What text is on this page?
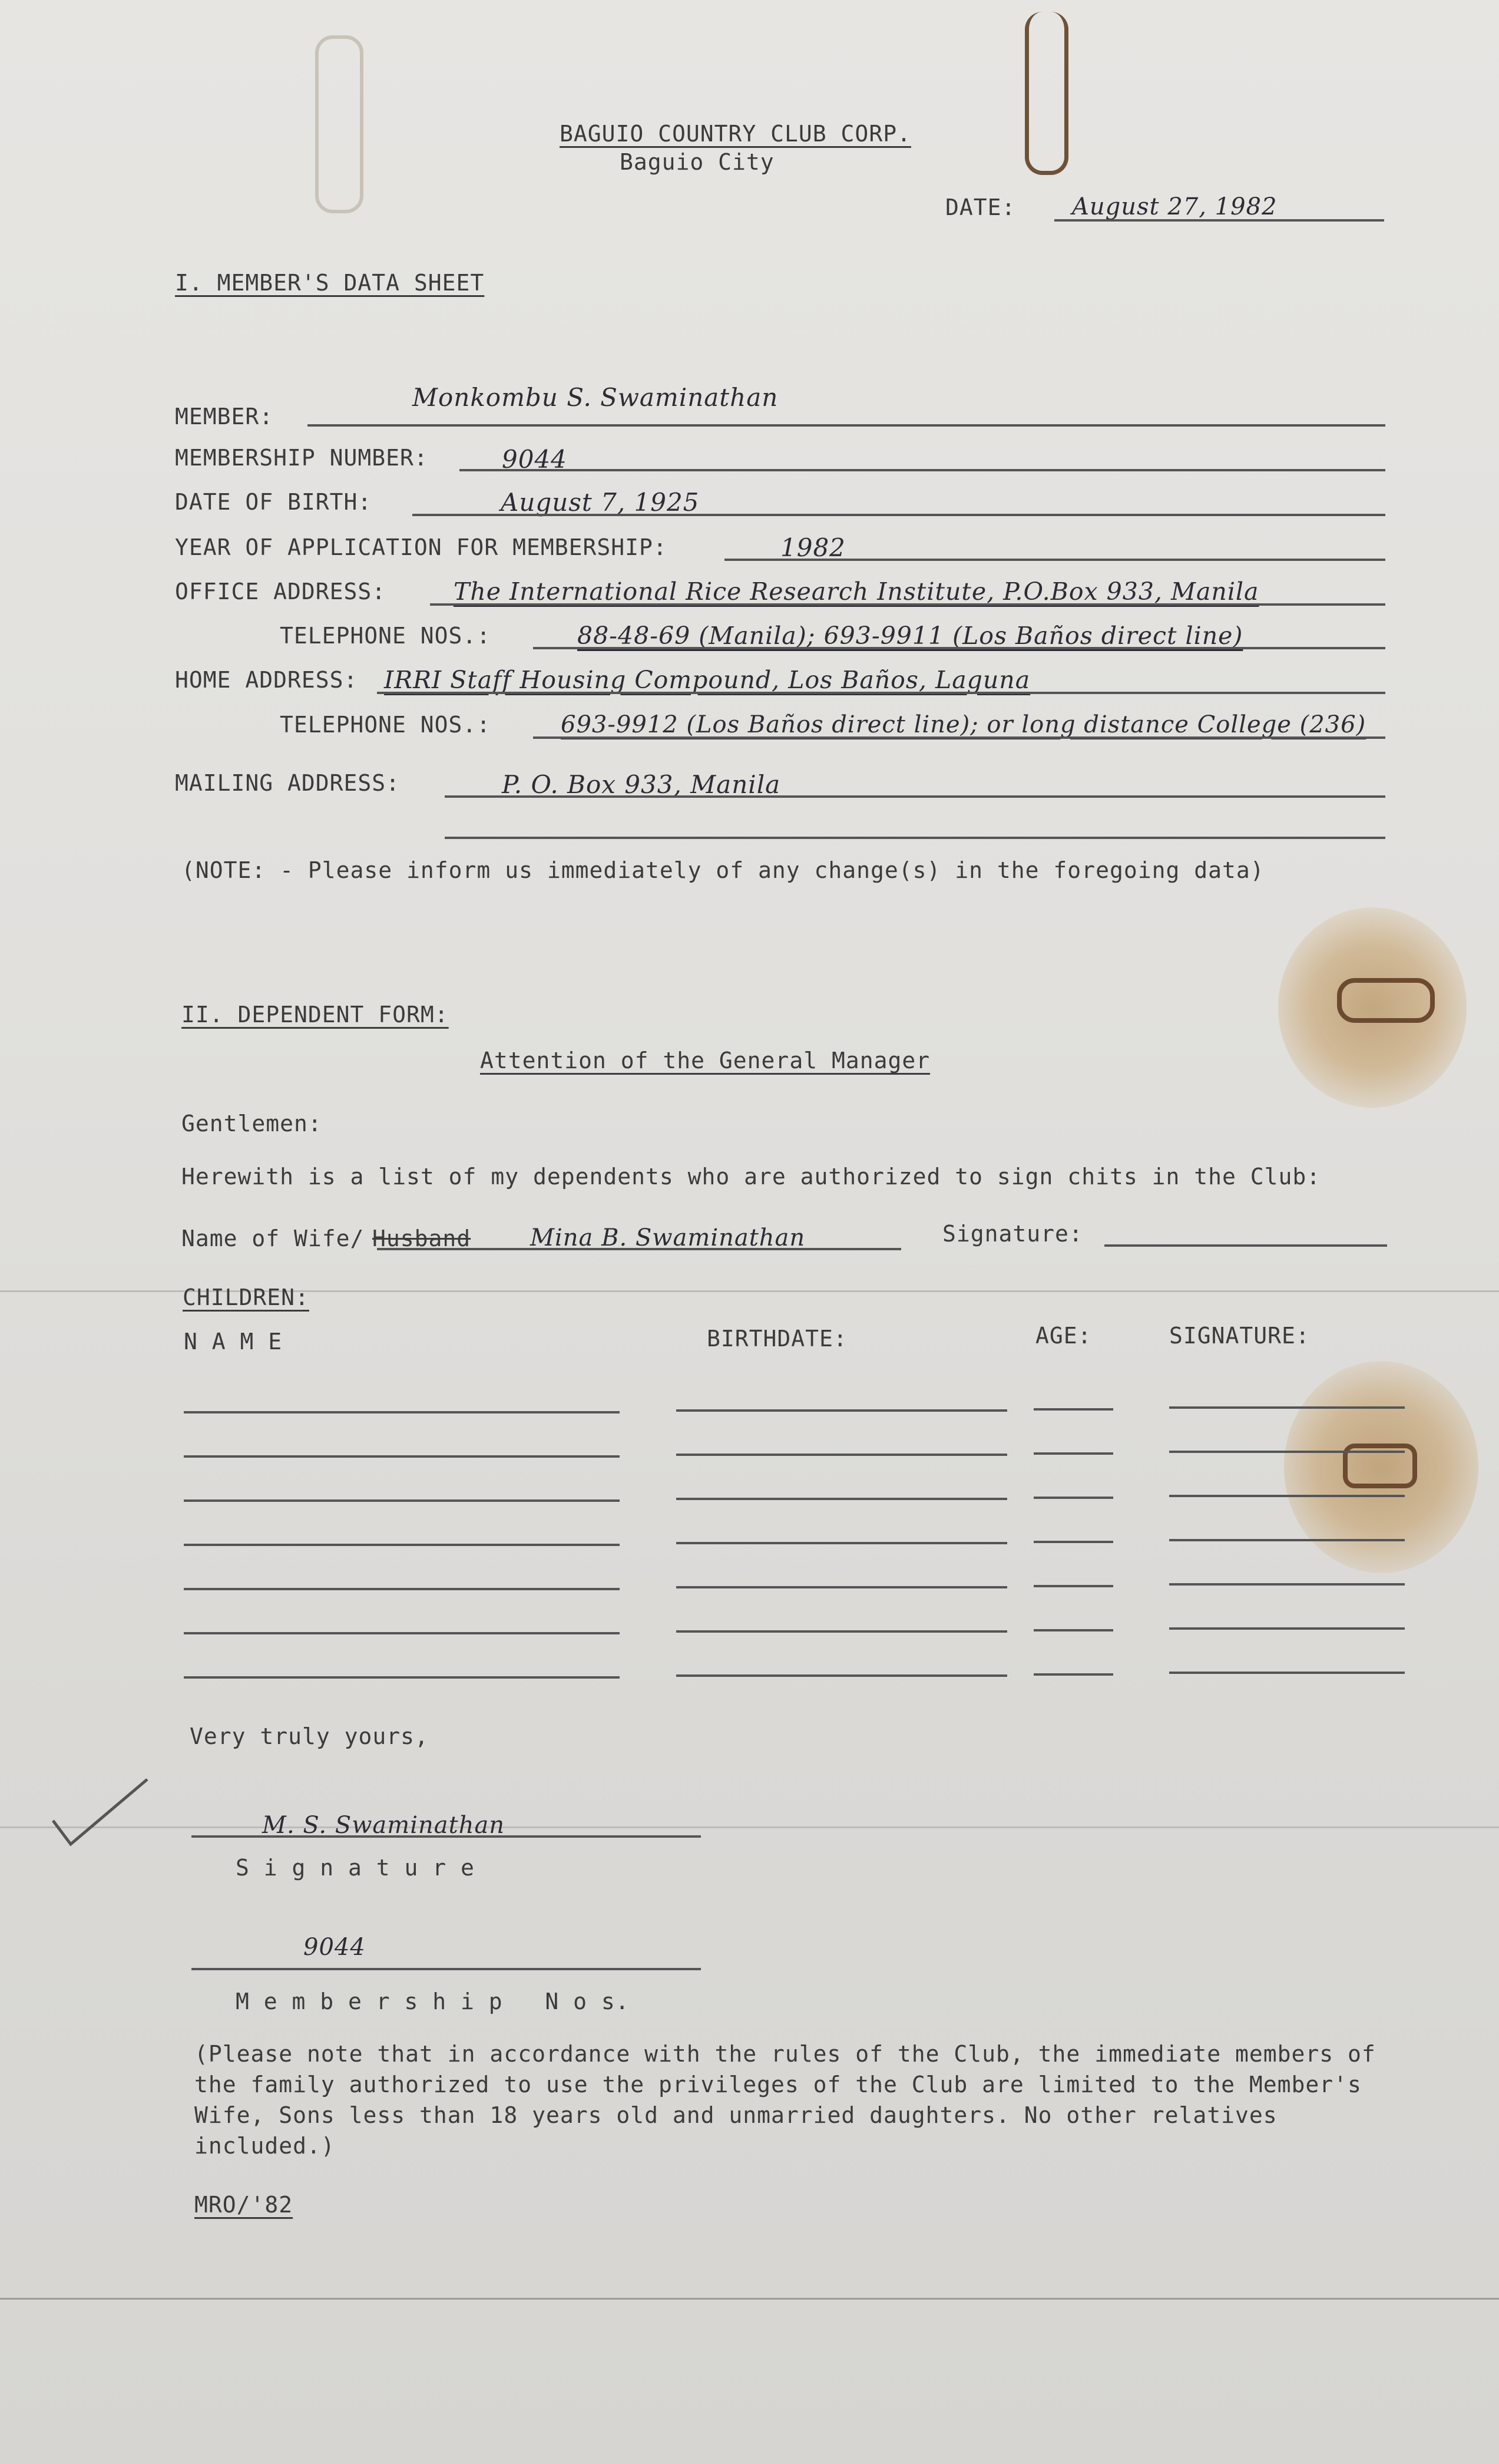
BAGUIO COUNTRY CLUB CORP.
Baguio City
DATE: August 27, 1982
I. MEMBER'S DATA SHEET
MEMBER:
Monkombu S. Swaminathan
MEMBERSHIP NUMBER:	9044
DATE OF BIRTH:	August 7, 1925
YEAR OF APPLICATION FOR MEMBERSHIP:	1982
OFFICE ADDRESS:	The International Rice Research Institute, P.O.Box 933, Manila
TELEPHONE NOS.:	88-48-69 (Manila); 693-9911 (Los Baños direct line)
HOME ADDRESS: IRRI Staff Housing Compound, Los Baños, Laguna
TELEPHONE NOS.:	693-9912 (Los Baños direct line); or long distance College (236)
MAILING ADDRESS:	P. O. Box 933, Manila
(NOTE: - Please inform us immediately of any change(s) in the foregoing data)
II. DEPENDENT FORM:
Attention of the General Manager
Gentlemen:
Herewith is a list of my dependents who are authorized to sign chits in the Club:
Name of Wife/ Husband	Mina B. Swaminathan	Signature:
CHILDREN:
N A M E	BIRTHDATE:	AGE:	SIGNATURE:
Very truly yours,
M. S. Swaminathan
S i g n a t u r e
9044
M e m b e r s h i p   N o s.
(Please note that in accordance with the rules of the Club, the immediate members of the family authorized to use the privileges of the Club are limited to the Member's Wife, Sons less than 18 years old and unmarried daughters. No other relatives included.)
MRO/'82
